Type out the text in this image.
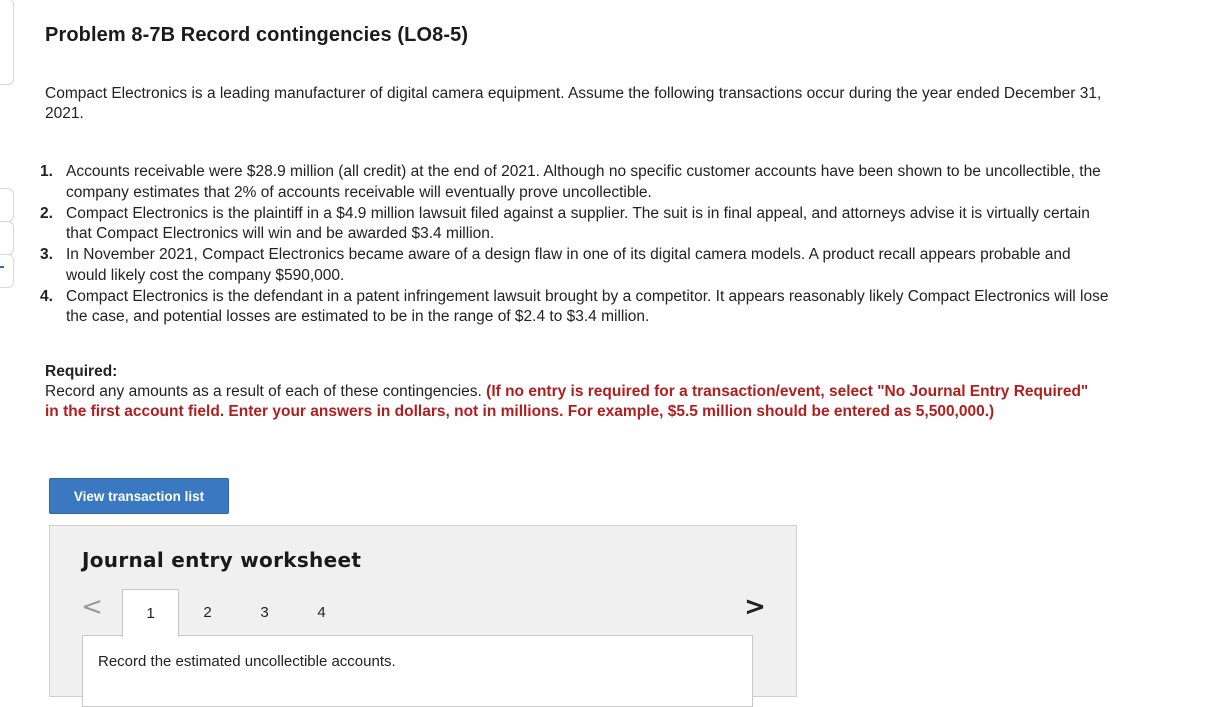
Problem 8-7B Record contingencies (LO8-5)

Compact Electronics is a leading manufacturer of digital camera equipment. Assume the following transactions occur during the year ended December 31, 2021.

1. Accounts receivable were $28.9 million (all credit) at the end of 2021. Although no specific customer accounts have been shown to be uncollectible, the company estimates that 2% of accounts receivable will eventually prove uncollectible.
2. Compact Electronics is the plaintiff in a $4.9 million lawsuit filed against a supplier. The suit is in final appeal, and attorneys advise it is virtually certain that Compact Electronics will win and be awarded $3.4 million.
3. In November 2021, Compact Electronics became aware of a design flaw in one of its digital camera models. A product recall appears probable and would likely cost the company $590,000.
4. Compact Electronics is the defendant in a patent infringement lawsuit brought by a competitor. It appears reasonably likely Compact Electronics will lose the case, and potential losses are estimated to be in the range of $2.4 to $3.4 million.
Required:
Record any amounts as a result of each of these contingencies. (If no entry is required for a transaction/event, select "No Journal Entry Required" in the first account field. Enter your answers in dollars, not in millions. For example, $5.5 million should be entered as 5,500,000.)
View transaction list
Journal entry worksheet
<	1	2	3	4	>

Record the estimated uncollectible accounts.
